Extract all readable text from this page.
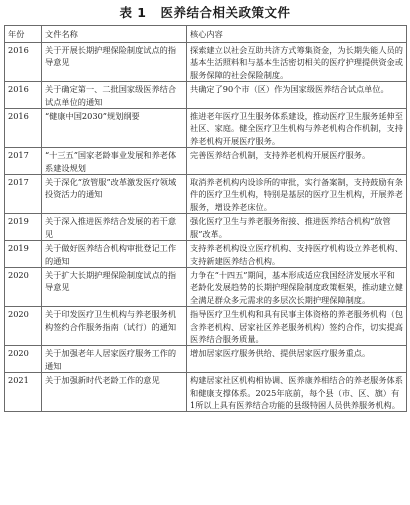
表 1 医养结合相关政策文件
年份	文件名称	核心内容
2016	关于开展长期护理保险制度试点的指导意见	探索建立以社会互助共济方式筹集资金，为长期失能人员的基本生活照料和与基本生活密切相关的医疗护理提供资金或服务保障的社会保险制度。
2016	关于确定第一、二批国家级医养结合试点单位的通知	共确定了90个市（区）作为国家级医养结合试点单位。
2016	“健康中国2030”规划纲要	推进老年医疗卫生服务体系建设，推动医疗卫生服务延伸至社区、家庭。健全医疗卫生机构与养老机构合作机制，支持养老机构开展医疗服务。
2017	“十三五”国家老龄事业发展和养老体系建设规划	完善医养结合机制，支持养老机构开展医疗服务。
2017	关于深化“放管服”改革激发医疗领域投资活力的通知	取消养老机构内设诊所的审批，实行备案制，支持鼓励有条件的医疗卫生机构，特别是基层的医疗卫生机构，开展养老服务，增设养老床位。
2019	关于深入推进医养结合发展的若干意见	强化医疗卫生与养老服务衔接、推进医养结合机构“放管服”改革。
2019	关于做好医养结合机构审批登记工作的通知	支持养老机构设立医疗机构、支持医疗机构设立养老机构、支持新建医养结合机构。
2020	关于扩大长期护理保险制度试点的指导意见	力争在“十四五”期间，基本形成适应我国经济发展水平和老龄化发展趋势的长期护理保险制度政策框架，推动建立健全满足群众多元需求的多层次长期护理保障制度。
2020	关于印发医疗卫生机构与养老服务机构签约合作服务指南（试行）的通知	指导医疗卫生机构和具有民事主体资格的养老服务机构（包含养老机构、居家社区养老服务机构）签约合作，切实提高医养结合服务质量。
2020	关于加强老年人居家医疗服务工作的通知	增加居家医疗服务供给、提供居家医疗服务重点。
2021	关于加强新时代老龄工作的意见	构建居家社区机构相协调、医养康养相结合的养老服务体系和健康支撑体系。2025年底前，每个县（市、区、旗）有1所以上具有医养结合功能的县级特困人员供养服务机构。
